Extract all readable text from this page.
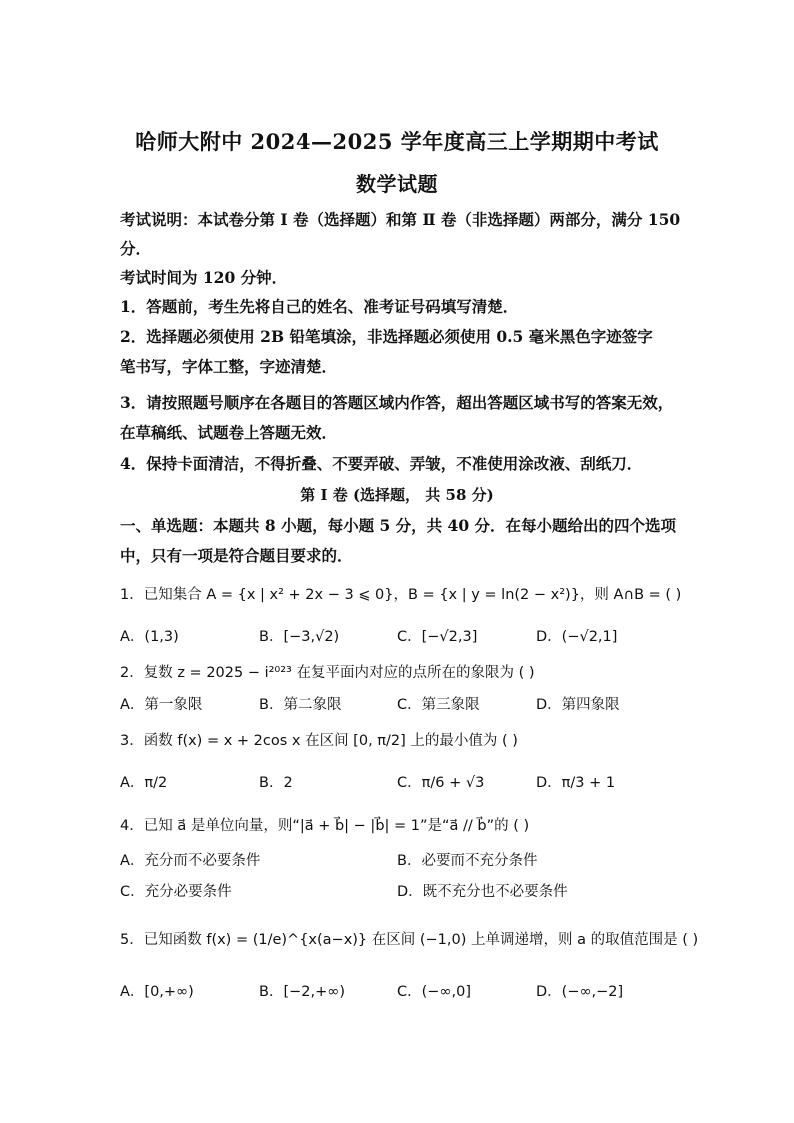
哈师大附中 2024—2025 学年度高三上学期期中考试
数学试题
考试说明：本试卷分第 Ⅰ 卷（选择题）和第 Ⅱ 卷（非选择题）两部分，满分 150
分．
考试时间为 120 分钟．
1．答题前，考生先将自己的姓名、准考证号码填写清楚．
2．选择题必须使用 2B 铅笔填涂，非选择题必须使用 0.5 毫米黑色字迹签字
笔书写，字体工整，字迹清楚．
3．请按照题号顺序在各题目的答题区域内作答，超出答题区域书写的答案无效，
在草稿纸、试题卷上答题无效．
4．保持卡面清洁，不得折叠、不要弄破、弄皱，不准使用涂改液、刮纸刀．
第 Ⅰ 卷 (选择题， 共 58 分)
一、单选题：本题共 8 小题，每小题 5 分，共 40 分．在每小题给出的四个选项
中，只有一项是符合题目要求的．
1．已知集合 A = {x | x² + 2x − 3 ⩽ 0}，B = {x | y = ln(2 − x²)}，则 A∩B = ( )
A．(1,3)	B．[−3,√2)	C．[−√2,3]	D．(−√2,1]
2．复数 z = 2025 − i²⁰²³ 在复平面内对应的点所在的象限为 ( )
A．第一象限	B．第二象限	C．第三象限	D．第四象限
3．函数 f(x) = x + 2cos x 在区间 [0, π/2] 上的最小值为 ( )
A．π/2	B．2	C．π/6 + √3	D．π/3 + 1
4．已知 a⃗ 是单位向量，则“|a⃗ + b⃗| − |b⃗| = 1”是“a⃗ // b⃗”的 ( )
A．充分而不必要条件	B．必要而不充分条件
C．充分必要条件	D．既不充分也不必要条件
5．已知函数 f(x) = (1/e)^{x(a−x)} 在区间 (−1,0) 上单调递增，则 a 的取值范围是 ( )
A．[0,+∞)	B．[−2,+∞)	C．(−∞,0]	D．(−∞,−2]
